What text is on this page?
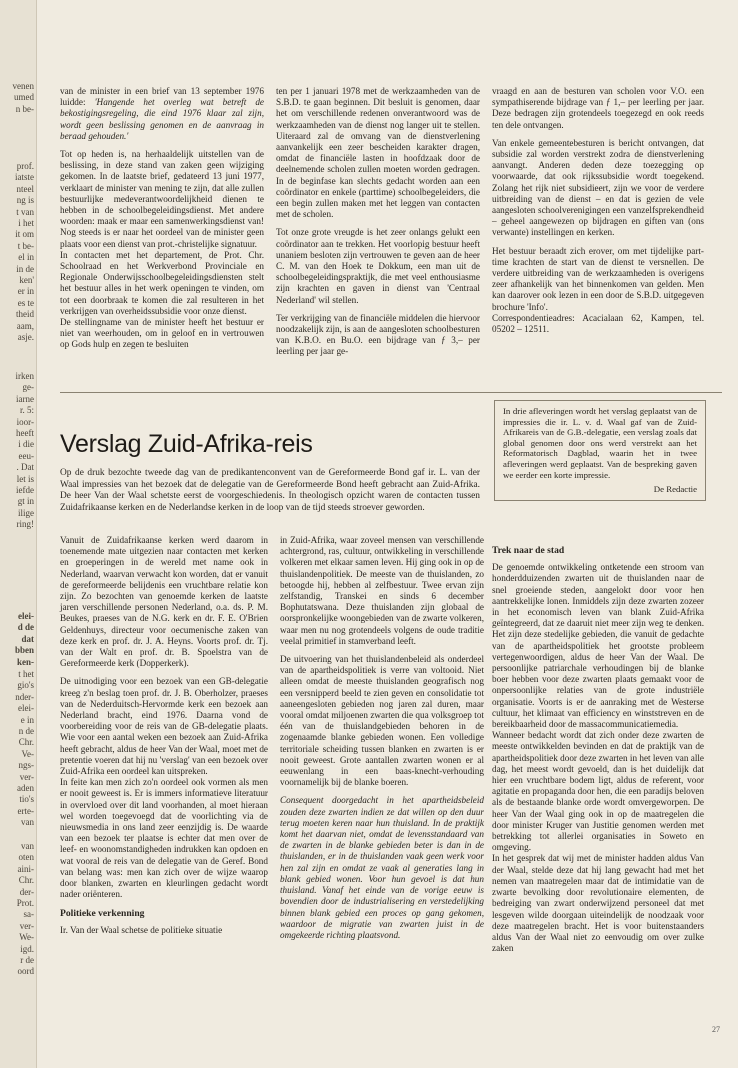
venen
umed
n be-
prof.
iatste
nteel
ng is
t van
i het
it om
t be-
el in
in de
ken'
er in
es te
theid
aam,
asje.
irken
ge-
iarne
r. 5:
ioor-
heeft
i die
eeu-
. Dat
let is
iefde
gt in
ilige
ring!
elei-
d de
dat
bben
ken-
t het
gio's
nder-
elei-
e in
n de
Chr.
Ve-
ngs-
ver-
aden
tio's
erte-
van
van
oten
aini-
Chr.
der-
Prot.
sa-
ver-
We-
igd.
r de
oord

van de minister in een brief van 13 september 1976 luidde: 'Hangende het overleg wat betreft de bekostigingsregeling, die eind 1976 klaar zal zijn, wordt geen beslissing genomen en de aanvraag in beraad gehouden.'

Tot op heden is, na herhaaldelijk uitstellen van de beslissing, in deze stand van zaken geen wijziging gekomen. In de laatste brief, gedateerd 13 juni 1977, verklaart de minister van mening te zijn, dat alle zullen bestuurlijke medeverantwoordelijkheid dienen te hebben in de schoolbegeleidingsdienst. Met andere woorden: maak er maar een samenwerkingsdienst van! Nog steeds is er naar het oordeel van de minister geen plaats voor een dienst van prot.-christelijke signatuur.

In contacten met het departement, de Prot. Chr. Schoolraad en het Werkverbond Provinciale en Regionale Onderwijsschoolbegeleidingsdiensten stelt het bestuur alles in het werk openingen te vinden, om tot een doorbraak te komen die zal resulteren in het verkrijgen van overheidssubsidie voor onze dienst.

De stellingname van de minister heeft het bestuur er niet van weerhouden, om in geloof en in vertrouwen op Gods hulp en zegen te besluiten

ten per 1 januari 1978 met de werkzaamheden van de S.B.D. te gaan beginnen. Dit besluit is genomen, daar het om verschillende redenen onverantwoord was de werkzaamheden van de dienst nog langer uit te stellen. Uiteraard zal de omvang van de dienstverlening aanvankelijk een zeer bescheiden karakter dragen, omdat de financiële lasten in hoofdzaak door de deelnemende scholen zullen moeten worden gedragen. In de beginfase kan slechts gedacht worden aan een coördinator en enkele (parttime) schoolbegeleiders, die een begin zullen maken met het leggen van contacten met de scholen.

Tot onze grote vreugde is het zeer onlangs gelukt een coördinator aan te trekken. Het voorlopig bestuur heeft unaniem besloten zijn vertrouwen te geven aan de heer C. M. van den Hoek te Dokkum, een man uit de schoolbegeleidingspraktijk, die met veel enthousiasme zijn krachten en gaven in dienst van 'Centraal Nederland' wil stellen.

Ter verkrijging van de financiële middelen die hiervoor noodzakelijk zijn, is aan de aangesloten schoolbesturen van K.B.O. en Bu.O. een bijdrage van ƒ 3,– per leerling per jaar ge-

vraagd en aan de besturen van scholen voor V.O. een sympathiserende bijdrage van ƒ 1,– per leerling per jaar. Deze bedragen zijn grotendeels toegezegd en ook reeds ten dele ontvangen.

Van enkele gemeentebesturen is bericht ontvangen, dat subsidie zal worden verstrekt zodra de dienstverlening aanvangt. Anderen deden deze toezegging op voorwaarde, dat ook rijkssubsidie wordt toegekend. Zolang het rijk niet subsidieert, zijn we voor de verdere uitbreiding van de dienst – en dat is gezien de vele aangesloten schoolverenigingen een vanzelfsprekendheid – geheel aangewezen op bijdragen en giften van (ons verwante) instellingen en kerken.

Het bestuur beraadt zich erover, om met tijdelijke part-time krachten de start van de dienst te versnellen. De verdere uitbreiding van de werkzaamheden is overigens zeer afhankelijk van het binnenkomen van gelden. Men kan daarover ook lezen in een door de S.B.D. uitgegeven brochure 'Info'.

Correspondentieadres: Acacialaan 62, Kampen, tel. 05202 – 12511.

Verslag Zuid-Afrika-reis
Op de druk bezochte tweede dag van de predikantenconvent van de Gereformeerde Bond gaf ir. L. van der Waal impressies van het bezoek dat de delegatie van de Gereformeerde Bond heeft gebracht aan Zuid-Afrika. De heer Van der Waal schetste eerst de voorgeschiedenis. In theologisch opzicht waren de contacten tussen Zuidafrikaanse kerken en de Nederlandse kerken in de loop van de tijd steeds stroever geworden.
In drie afleveringen wordt het verslag geplaatst van de impressies die ir. L. v. d. Waal gaf van de Zuid-Afrikareis van de G.B.-delegatie, een verslag zoals dat global genomen door ons werd verstrekt aan het Reformatorisch Dagblad, waarin het in twee afleveringen werd geplaatst. Van de bespreking gaven we eerder een korte impressie.
De Redactie

Vanuit de Zuidafrikaanse kerken werd daarom in toenemende mate uitgezien naar contacten met kerken en groeperingen in de wereld met name ook in Nederland, waarvan verwacht kon worden, dat er vanuit de gereformeerde belijdenis een vruchtbare relatie kon zijn. Zo bezochten van genoemde kerken de laatste jaren verschillende personen Nederland, o.a. ds. P. M. Beukes, praeses van de N.G. kerk en dr. F. E. O'Brien Geldenhuys, directeur voor oecumenische zaken van deze kerk en prof. dr. J. A. Heyns. Voorts prof. dr. Tj. van der Walt en prof. dr. B. Spoelstra van de Gereformeerde kerk (Dopperkerk).

De uitnodiging voor een bezoek van een GB-delegatie kreeg z'n beslag toen prof. dr. J. B. Oberholzer, praeses van de Nederduitsch-Hervormde kerk een bezoek aan Nederland bracht, eind 1976. Daarna vond de voorbereiding voor de reis van de GB-delegatie plaats. Wie voor een aantal weken een bezoek aan Zuid-Afrika heeft gebracht, aldus de heer Van der Waal, moet met de pretentie voeren dat hij nu 'verslag' van een bezoek over Zuid-Afrika een oordeel kan uitspreken.

In feite kan men zich zo'n oordeel ook vormen als men er nooit geweest is. Er is immers informatieve literatuur in overvloed over dit land voorhanden, al moet hieraan wel worden toegevoegd dat de voorlichting via de nieuwsmedia in ons land zeer eenzijdig is. De waarde van een bezoek ter plaatse is echter dat men over de leef- en woonomstandigheden indrukken kan opdoen en wat vooral de reis van de delegatie van de Geref. Bond van belang was: men kan zich over de wijze waarop door blanken, zwarten en kleurlingen gedacht wordt nader oriënteren.

Politieke verkenning

Ir. Van der Waal schetse de politieke situatie

in Zuid-Afrika, waar zoveel mensen van verschillende achtergrond, ras, cultuur, ontwikkeling in verschillende volkeren met elkaar samen leven. Hij ging ook in op de thuislandenpolitiek. De meeste van de thuislanden, zo betoogde hij, hebben al zelfbestuur. Twee ervan zijn zelfstandig, Transkei en sinds 6 december Bophutatswana. Deze thuislanden zijn globaal de oorspronkelijke woongebieden van de zwarte volkeren, waar men nu nog grotendeels volgens de oude traditie veelal primitief in stamverband leeft.

De uitvoering van het thuislandenbeleid als onderdeel van de apartheidspolitiek is verre van voltooid. Niet alleen omdat de meeste thuislanden geografisch nog een versnipperd beeld te zien geven en consolidatie tot aaneengesloten gebieden nog jaren zal duren, maar vooral omdat miljoenen zwarten die qua volksgroep tot één van de thuislandgebieden behoren in de zogenaamde blanke gebieden wonen. Een volledige territoriale scheiding tussen blanken en zwarten is er nooit geweest. Grote aantallen zwarten wonen er al eeuwenlang in een baas-knecht-verhouding voornamelijk bij de blanke boeren.

Consequent doorgedacht in het apartheidsbeleid zouden deze zwarten indien ze dat willen op den duur terug moeten keren naar hun thuisland. In de praktijk komt het daarvan niet, omdat de levensstandaard van de zwarten in de blanke gebieden beter is dan in de thuislanden, er in de thuislanden vaak geen werk voor hen zal zijn en omdat ze vaak al generaties lang in blank gebied wonen. Voor hun gevoel is dat hun thuisland. Vanaf het einde van de vorige eeuw is bovendien door de industrialisering en verstedelijking binnen blank gebied een proces op gang gekomen, waardoor de migratie van zwarten juist in de omgekeerde richting plaatsvond.

Trek naar de stad

De genoemde ontwikkeling ontketende een stroom van honderdduizenden zwarten uit de thuislanden naar de snel groeiende steden, aangelokt door voor hen aantrekkelijke lonen. Inmiddels zijn deze zwarten zozeer in het economisch leven van blank Zuid-Afrika geïntegreerd, dat ze daaruit niet meer zijn weg te denken. Het zijn deze stedelijke gebieden, die vanuit de gedachte van de apartheidspolitiek het grootste probleem vertegenwoordigen, aldus de heer Van der Waal. De persoonlijke patriarchale verhoudingen bij de blanke boer hebben voor deze zwarten plaats gemaakt voor de onpersoonlijke relaties van de grote industriële organisatie. Voorts is er de aanraking met de Westerse cultuur, het klimaat van efficiency en winststreven en de bereikbaarheid door de massacommunicatiemedia.

Wanneer bedacht wordt dat zich onder deze zwarten de meeste ontwikkelden bevinden en dat de praktijk van de apartheidspolitiek door deze zwarten in het leven van alle dag, het meest wordt gevoeld, dan is het duidelijk dat hier een vruchtbare bodem ligt, aldus de referent, voor agitatie en propaganda door hen, die een paradijs beloven als de bestaande blanke orde wordt omvergeworpen. De heer Van der Waal ging ook in op de maatregelen die door minister Kruger van Justitie genomen werden met betrekking tot allerlei organisaties in Soweto en omgeving.

In het gesprek dat wij met de minister hadden aldus Van der Waal, stelde deze dat hij lang gewacht had met het nemen van maatregelen maar dat de intimidatie van de zwarte bevolking door revolutionaire elementen, de bedreiging van zwart onderwijzend personeel dat met lesgeven wilde doorgaan uiteindelijk de noodzaak voor deze maatregelen bracht. Het is voor buitenstaanders aldus Van der Waal niet zo eenvoudig om over zulke zaken

27
